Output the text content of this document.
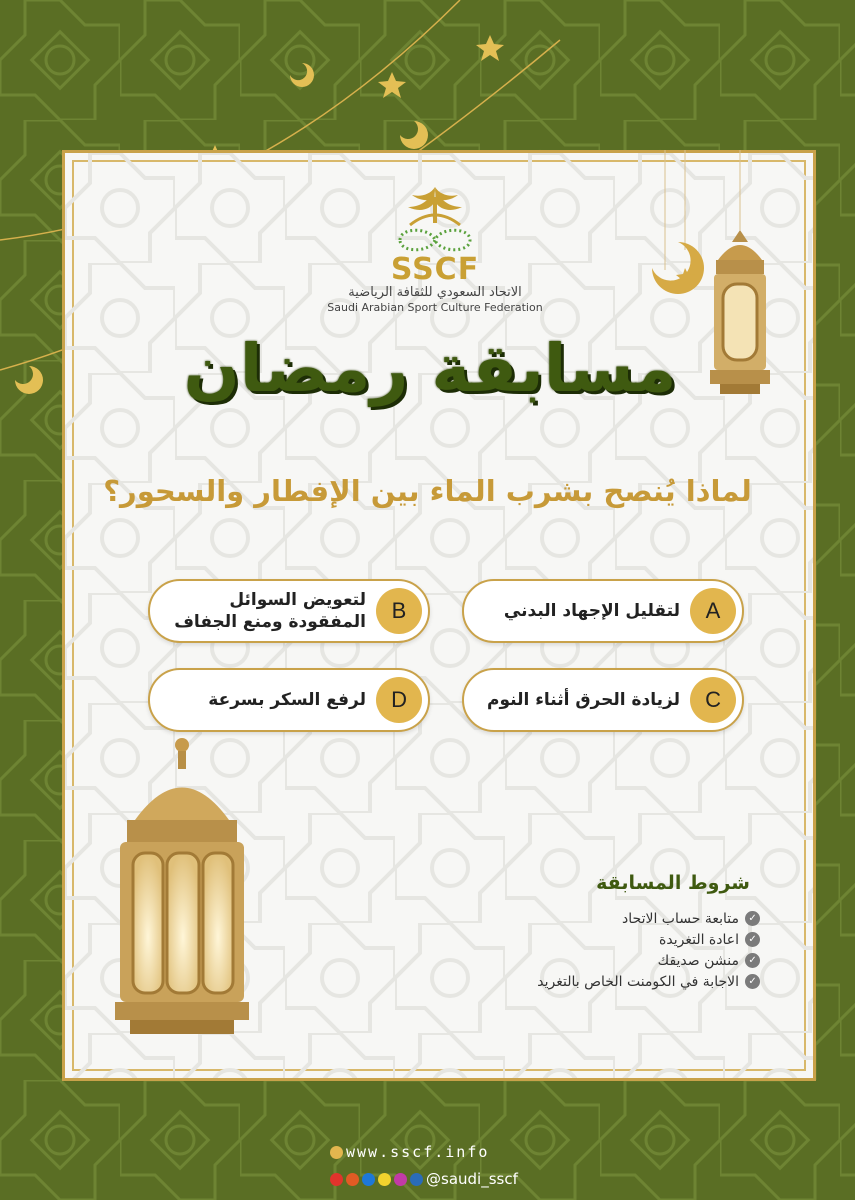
SSCF
الاتحاد السعودي للثقافة الرياضية
Saudi Arabian Sport Culture Federation
مسابقة رمضان
لماذا يُنصح بشرب الماء بين الإفطار والسحور؟
A
لتقليل الإجهاد البدني
B
لتعويض السوائل المفقودة ومنع الجفاف
C
لزيادة الحرق أثناء النوم
D
لرفع السكر بسرعة
شروط المسابقة
✓
متابعة حساب الاتحاد
✓
اعادة التغريدة
✓
منشن صديقك
✓
الاجابة في الكومنت الخاص بالتغريد
www.sscf.info
@saudi_sscf
